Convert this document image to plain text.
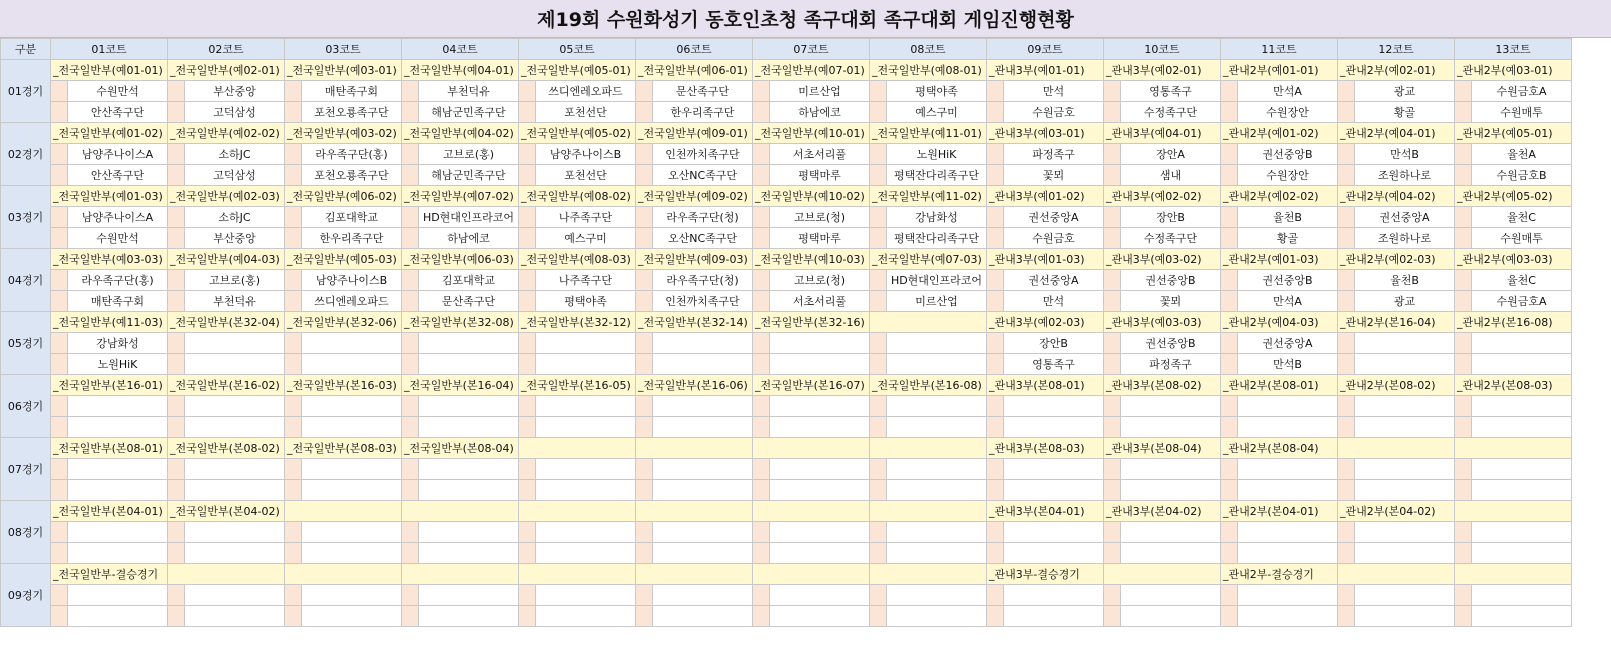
제19회 수원화성기 동호인초청 족구대회 족구대회 게임진행현황
구분	01코트		02코트		03코트		04코트		05코트		06코트		07코트		08코트		09코트		10코트		11코트		12코트		13코트	
01경기	_전국일반부(예01-01)		_전국일반부(예02-01)		_전국일반부(예03-01)		_전국일반부(예04-01)		_전국일반부(예05-01)		_전국일반부(예06-01)		_전국일반부(예07-01)		_전국일반부(예08-01)		_관내3부(예01-01)		_관내3부(예02-01)		_관내2부(예01-01)		_관내2부(예02-01)		_관내2부(예03-01)	
		수원만석		부산중앙		매탄족구회		부천덕유		쓰디엔레오파드		문산족구단		미르산업		평택야족		만석		영통족구		만석A		광교		수원금호A
		안산족구단		고덕삼성		포천오룡족구단		해남군민족구단		포천선단		한우리족구단		하남에코		예스구미		수원금호		수정족구단		수원장안		황골		수원매투
02경기	_전국일반부(예01-02)		_전국일반부(예02-02)		_전국일반부(예03-02)		_전국일반부(예04-02)		_전국일반부(예05-02)		_전국일반부(예09-01)		_전국일반부(예10-01)		_전국일반부(예11-01)		_관내3부(예03-01)		_관내3부(예04-01)		_관내2부(예01-02)		_관내2부(예04-01)		_관내2부(예05-01)	
		남양주나이스A		소하JC		라우족구단(홍)		고브로(홍)		남양주나이스B		인천까치족구단		서초서리풀		노원HiK		파정족구		장안A		권선중앙B		만석B		율천A
		안산족구단		고덕삼성		포천오룡족구단		해남군민족구단		포천선단		오산NC족구단		평택마루		평택잔다리족구단		꽃뫼		샘내		수원장안		조원하나로		수원금호B
03경기	_전국일반부(예01-03)		_전국일반부(예02-03)		_전국일반부(예06-02)		_전국일반부(예07-02)		_전국일반부(예08-02)		_전국일반부(예09-02)		_전국일반부(예10-02)		_전국일반부(예11-02)		_관내3부(예01-02)		_관내3부(예02-02)		_관내2부(예02-02)		_관내2부(예04-02)		_관내2부(예05-02)	
		남양주나이스A		소하JC		김포대학교		HD현대인프라코어		나주족구단		라우족구단(청)		고브로(청)		강남화성		권선중앙A		장안B		율천B		권선중앙A		율천C
		수원만석		부산중앙		한우리족구단		하남에코		예스구미		오산NC족구단		평택마루		평택잔다리족구단		수원금호		수정족구단		황골		조원하나로		수원매투
04경기	_전국일반부(예03-03)		_전국일반부(예04-03)		_전국일반부(예05-03)		_전국일반부(예06-03)		_전국일반부(예08-03)		_전국일반부(예09-03)		_전국일반부(예10-03)		_전국일반부(예07-03)		_관내3부(예01-03)		_관내3부(예03-02)		_관내2부(예01-03)		_관내2부(예02-03)		_관내2부(예03-03)	
		라우족구단(홍)		고브로(홍)		남양주나이스B		김포대학교		나주족구단		라우족구단(청)		고브로(청)		HD현대인프라코어		권선중앙A		권선중앙B		권선중앙B		율천B		율천C
		매탄족구회		부천덕유		쓰디엔레오파드		문산족구단		평택야족		인천까치족구단		서초서리풀		미르산업		만석		꽃뫼		만석A		광교		수원금호A
05경기	_전국일반부(예11-03)		_전국일반부(본32-04)		_전국일반부(본32-06)		_전국일반부(본32-08)		_전국일반부(본32-12)		_전국일반부(본32-14)		_전국일반부(본32-16)				_관내3부(예02-03)		_관내3부(예03-03)		_관내2부(예04-03)		_관내2부(본16-04)		_관내2부(본16-08)	
		강남화성																장안B		권선중앙B		권선중앙A				
		노원HiK																영통족구		파정족구		만석B				
06경기	_전국일반부(본16-01)		_전국일반부(본16-02)		_전국일반부(본16-03)		_전국일반부(본16-04)		_전국일반부(본16-05)		_전국일반부(본16-06)		_전국일반부(본16-07)		_전국일반부(본16-08)		_관내3부(본08-01)		_관내3부(본08-02)		_관내2부(본08-01)		_관내2부(본08-02)		_관내2부(본08-03)	

07경기	_전국일반부(본08-01)		_전국일반부(본08-02)		_전국일반부(본08-03)		_전국일반부(본08-04)										_관내3부(본08-03)		_관내3부(본08-04)		_관내2부(본08-04)					

08경기	_전국일반부(본04-01)		_전국일반부(본04-02)														_관내3부(본04-01)		_관내3부(본04-02)		_관내2부(본04-01)		_관내2부(본04-02)			

09경기	_전국일반부-결승경기																_관내3부-결승경기				_관내2부-결승경기					
